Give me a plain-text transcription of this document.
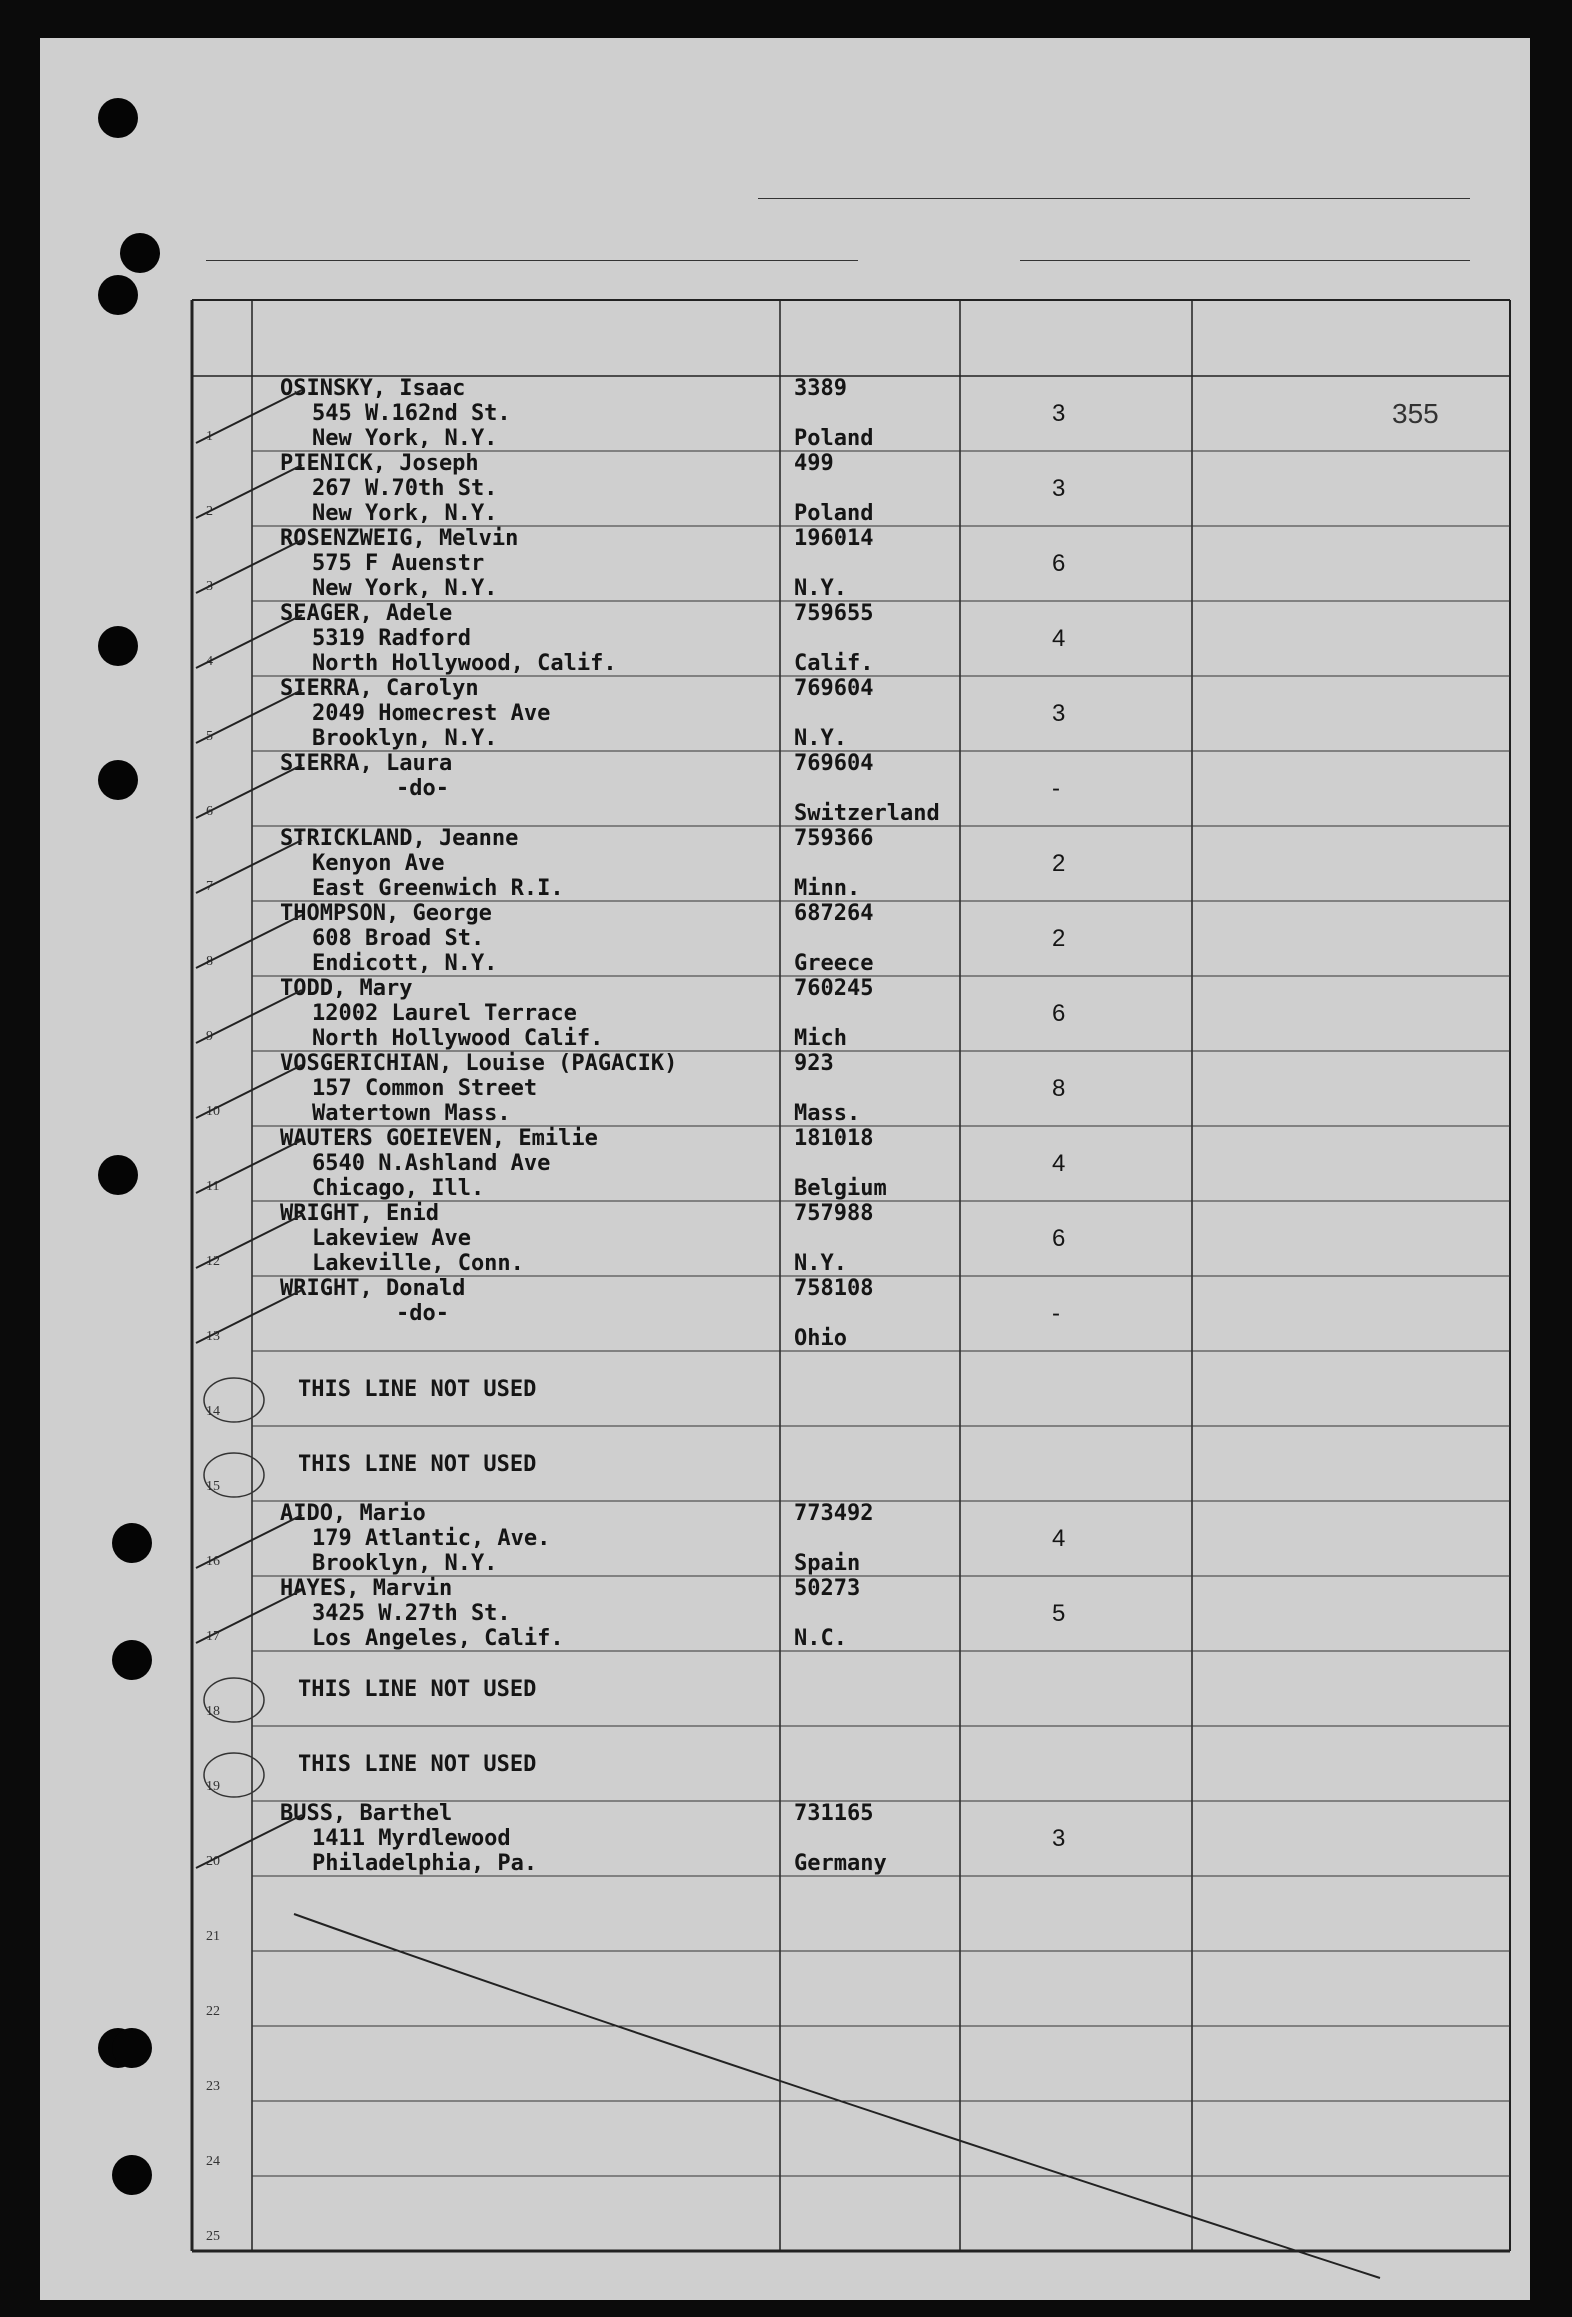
1
OSINSKY, Isaac
545 W.162nd St.
New York, N.Y.
3389
Poland
3	355
2
PIENICK, Joseph
267 W.70th St.
New York, N.Y.
499
Poland
3
3
ROSENZWEIG, Melvin
575 F Auenstr
New York, N.Y.
196014
N.Y.
6
4
SEAGER, Adele
5319 Radford
North Hollywood, Calif.
759655
Calif.
4
5
SIERRA, Carolyn
2049 Homecrest Ave
Brooklyn, N.Y.
769604
N.Y.
3
6
SIERRA, Laura
-do-
769604
Switzerland
-
7
STRICKLAND, Jeanne
Kenyon Ave
East Greenwich R.I.
759366
Minn.
2
8
THOMPSON, George
608 Broad St.
Endicott, N.Y.
687264
Greece
2
9
TODD, Mary
12002 Laurel Terrace
North Hollywood Calif.
760245
Mich
6
10
VOSGERICHIAN, Louise (PAGACIK)
157 Common Street
Watertown Mass.
923
Mass.
8
11
WAUTERS GOEIEVEN, Emilie
6540 N.Ashland Ave
Chicago, Ill.
181018
Belgium
4
12
WRIGHT, Enid
Lakeview Ave
Lakeville, Conn.
757988
N.Y.
6
13
WRIGHT, Donald
-do-
758108
Ohio
-
14
THIS LINE NOT USED
15
THIS LINE NOT USED
16
AIDO, Mario
179 Atlantic, Ave.
Brooklyn, N.Y.
773492
Spain
4
17
HAYES, Marvin
3425 W.27th St.
Los Angeles, Calif.
50273
N.C.
5
18
THIS LINE NOT USED
19
THIS LINE NOT USED
20
BUSS, Barthel
1411 Myrdlewood
Philadelphia, Pa.
731165
Germany
3
21
22
23
24
25
